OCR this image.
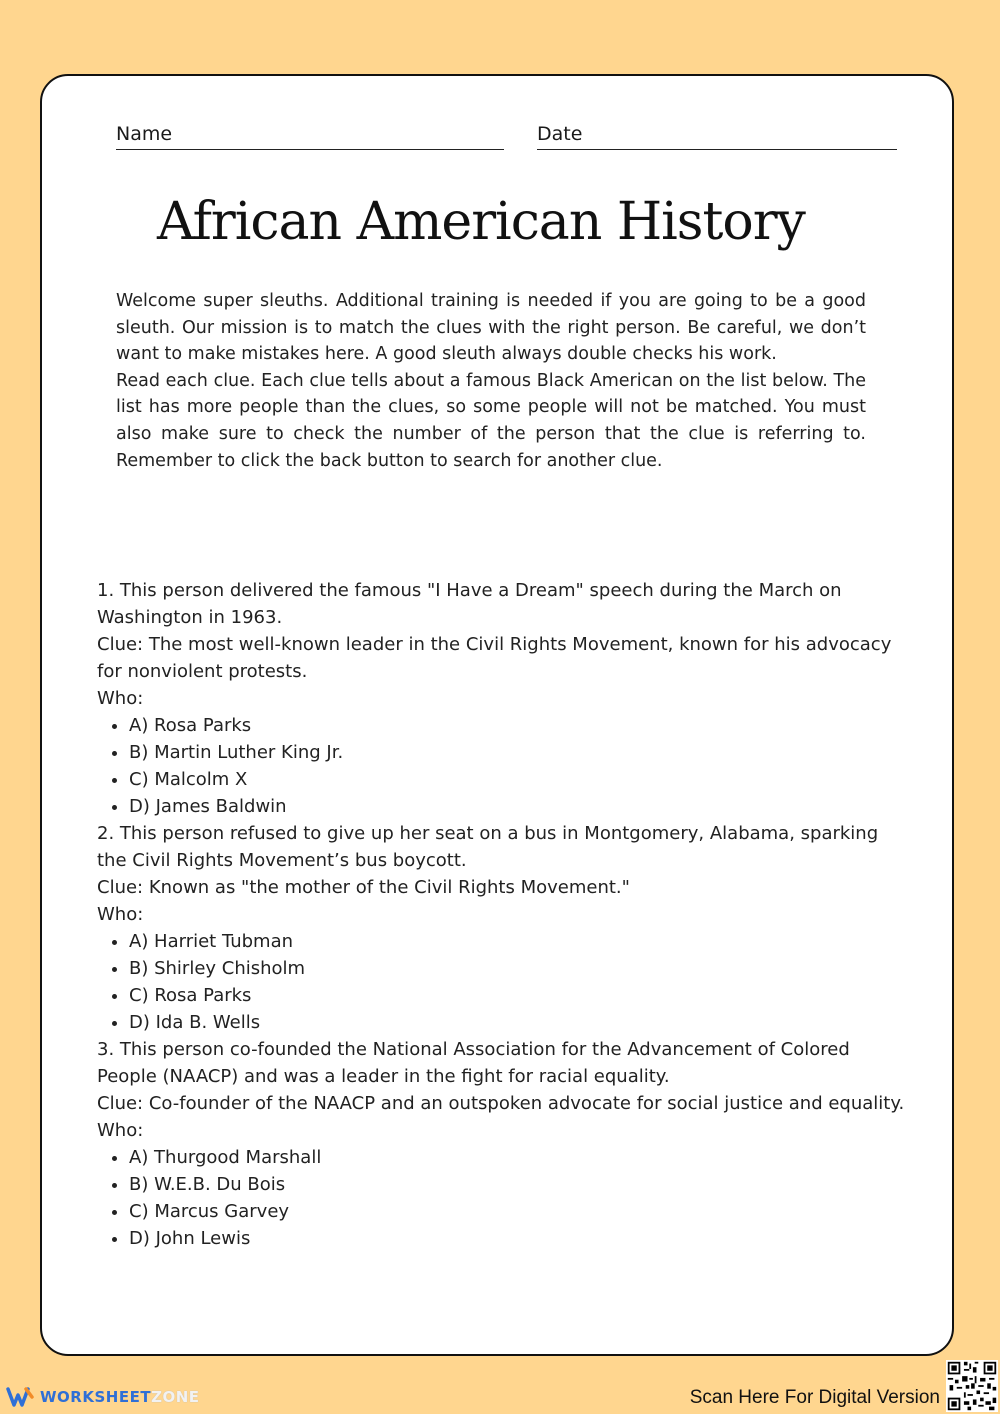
Name	Date
African American History

Welcome super sleuths. Additional training is needed if you are going to be a good sleuth. Our mission is to match the clues with the right person. Be careful, we don’t want to make mistakes here. A good sleuth always double checks his work.

Read each clue. Each clue tells about a famous Black American on the list below. The list has more people than the clues, so some people will not be matched. You must also make sure to check the number of the person that the clue is referring to. Remember to click the back button to search for another clue.

1. This person delivered the famous "I Have a Dream" speech during the March on Washington in 1963.

Clue: The most well-known leader in the Civil Rights Movement, known for his advocacy for nonviolent protests.

Who:

• A) Rosa Parks
• B) Martin Luther King Jr.
• C) Malcolm X
• D) James Baldwin

2. This person refused to give up her seat on a bus in Montgomery, Alabama, sparking the Civil Rights Movement’s bus boycott.

Clue: Known as "the mother of the Civil Rights Movement."

Who:

• A) Harriet Tubman
• B) Shirley Chisholm
• C) Rosa Parks
• D) Ida B. Wells

3. This person co-founded the National Association for the Advancement of Colored People (NAACP) and was a leader in the fight for racial equality.

Clue: Co-founder of the NAACP and an outspoken advocate for social justice and equality.

Who:

• A) Thurgood Marshall
• B) W.E.B. Du Bois
• C) Marcus Garvey
• D) John Lewis
WORKSHEET ZONE	Scan Here For Digital Version
